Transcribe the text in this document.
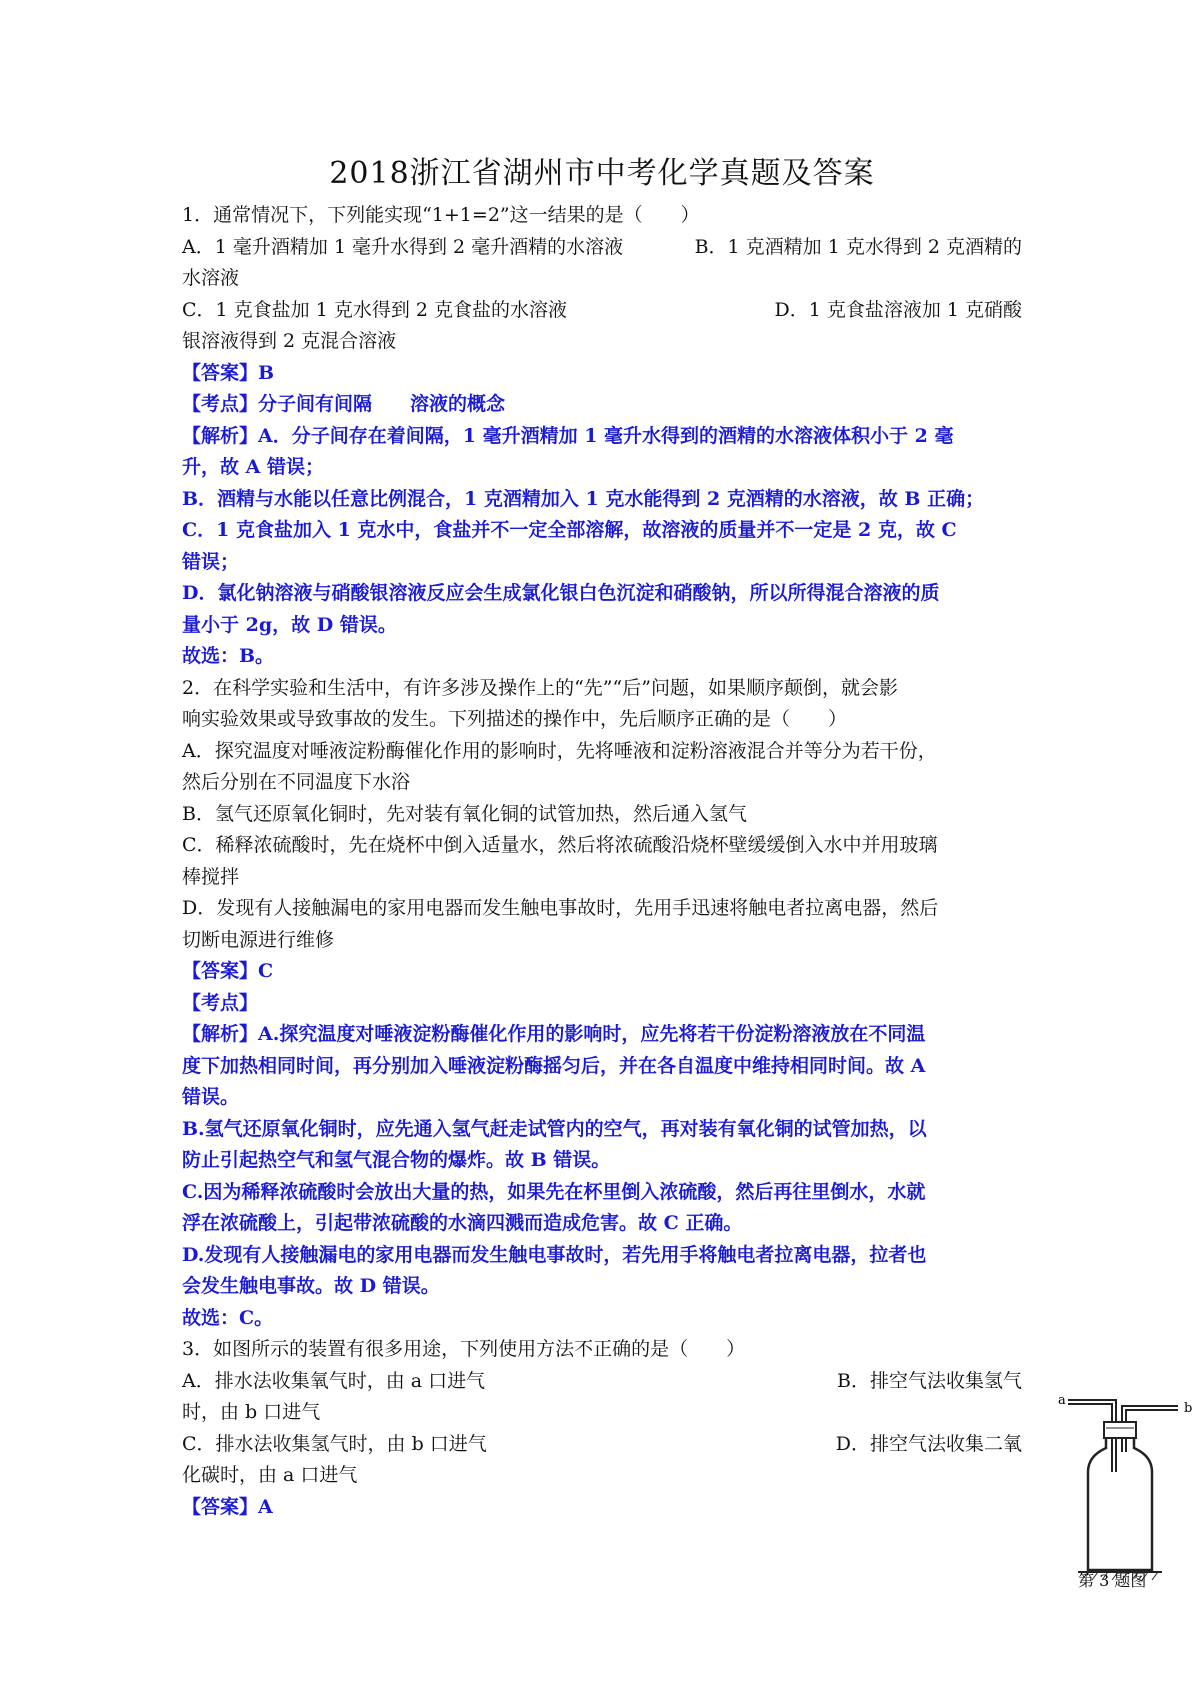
2018浙江省湖州市中考化学真题及答案

1．通常情况下，下列能实现“1+1=2”这一结果的是（　　）

A．1 毫升酒精加 1 毫升水得到 2 毫升酒精的水溶液	B．1 克酒精加 1 克水得到 2 克酒精的

水溶液

C．1 克食盐加 1 克水得到 2 克食盐的水溶液	D．1 克食盐溶液加 1 克硝酸

银溶液得到 2 克混合溶液

【答案】B

【考点】分子间有间隔　　溶液的概念

【解析】A．分子间存在着间隔，1 毫升酒精加 1 毫升水得到的酒精的水溶液体积小于 2 毫

升，故 A 错误；

B．酒精与水能以任意比例混合，1 克酒精加入 1 克水能得到 2 克酒精的水溶液，故 B 正确；

C．1 克食盐加入 1 克水中，食盐并不一定全部溶解，故溶液的质量并不一定是 2 克，故 C

错误；

D．氯化钠溶液与硝酸银溶液反应会生成氯化银白色沉淀和硝酸钠，所以所得混合溶液的质

量小于 2g，故 D 错误。

故选：B。

2．在科学实验和生活中，有许多涉及操作上的“先”“后”问题，如果顺序颠倒，就会影

响实验效果或导致事故的发生。下列描述的操作中，先后顺序正确的是（　　）

A．探究温度对唾液淀粉酶催化作用的影响时，先将唾液和淀粉溶液混合并等分为若干份，

然后分别在不同温度下水浴

B．氢气还原氧化铜时，先对装有氧化铜的试管加热，然后通入氢气

C．稀释浓硫酸时，先在烧杯中倒入适量水，然后将浓硫酸沿烧杯壁缓缓倒入水中并用玻璃

棒搅拌

D．发现有人接触漏电的家用电器而发生触电事故时，先用手迅速将触电者拉离电器，然后

切断电源进行维修

【答案】C

【考点】

【解析】A.探究温度对唾液淀粉酶催化作用的影响时，应先将若干份淀粉溶液放在不同温

度下加热相同时间，再分别加入唾液淀粉酶摇匀后，并在各自温度中维持相同时间。故 A

错误。

B.氢气还原氧化铜时，应先通入氢气赶走试管内的空气，再对装有氧化铜的试管加热，以

防止引起热空气和氢气混合物的爆炸。故 B 错误。

C.因为稀释浓硫酸时会放出大量的热，如果先在杯里倒入浓硫酸，然后再往里倒水，水就

浮在浓硫酸上，引起带浓硫酸的水滴四溅而造成危害。故 C 正确。

D.发现有人接触漏电的家用电器而发生触电事故时，若先用手将触电者拉离电器，拉者也

会发生触电事故。故 D 错误。

故选：C。

3．如图所示的装置有很多用途，下列使用方法不正确的是（　　）

A．排水法收集氧气时，由 a 口进气	B．排空气法收集氢气

时，由 b 口进气

C．排水法收集氢气时，由 b 口进气	D．排空气法收集二氧

化碳时，由 a 口进气

【答案】A

a
b
第 3 题图
